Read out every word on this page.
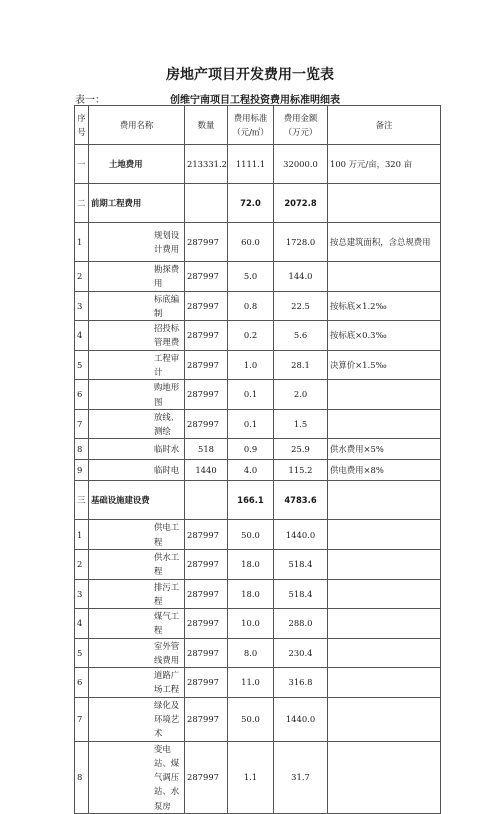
房地产项目开发费用一览表
表一：	创维宁南项目工程投资费用标准明细表
序号	费用名称	数量	费用标准（元/㎡）	费用金额（万元）	备注
一	土地费用	213331.2	1111.1	32000.0	100 万元/亩，320 亩
二	前期工程费用		72.0	2072.8	
1	规划设计费用	287997	60.0	1728.0	按总建筑面积，含总规费用
2	勘探费用	287997	5.0	144.0	
3	标底编制	287997	0.8	22.5	按标底×1.2‰
4	招投标管理费	287997	0.2	5.6	按标底×0.3‰
5	工程审计	287997	1.0	28.1	决算价×1.5‰
6	购地形图	287997	0.1	2.0	
7	放线、测绘	287997	0.1	1.5	
8	临时水	518	0.9	25.9	供水费用×5%
9	临时电	1440	4.0	115.2	供电费用×8%
三	基础设施建设费		166.1	4783.6	
1	供电工程	287997	50.0	1440.0	
2	供水工程	287997	18.0	518.4	
3	排污工程	287997	18.0	518.4	
4	煤气工程	287997	10.0	288.0	
5	室外管线费用	287997	8.0	230.4	
6	道路广场工程	287997	11.0	316.8	
7	绿化及环境艺术	287997	50.0	1440.0	
8	变电站、煤气调压站、水泵房	287997	1.1	31.7	
